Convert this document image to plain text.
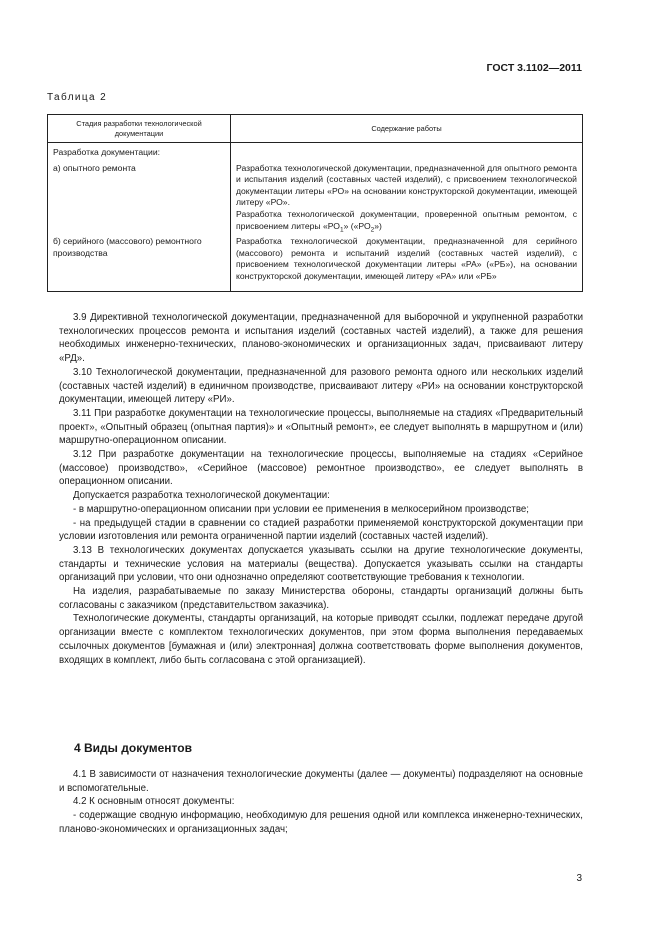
ГОСТ 3.1102—2011
Таблица 2
Стадия разработки технологической документации	Содержание работы
Разработка документации:	
а) опытного ремонта	Разработка технологической документации, предназначенной для опытного ремонта и испытания изделий (составных частей изделий), с присвоением технологической документации литеры «РО» на основании конструкторской документации, имеющей литеру «РО».
Разработка технологической документации, проверенной опытным ремонтом, с присвоением литеры «$РО_1$» $(«РО_2»)$

б) серийного (массового) ремонтного производства	Разработка технологической документации, предназначенной для серийного (массового) ремонта и испытаний изделий (составных частей изделий), с присвоением технологической документации литеры «РА» («РБ»), на основании конструкторской документации, имеющей литеру «РА» или «РБ»

3.9 Директивной технологической документации, предназначенной для выборочной и укрупненной разработки технологических процессов ремонта и испытания изделий (составных частей изделий), а также для решения необходимых инженерно-технических, планово-экономических и организационных задач, присваивают литеру «РД».

3.10 Технологической документации, предназначенной для разового ремонта одного или нескольких изделий (составных частей изделий) в единичном производстве, присваивают литеру «РИ» на основании конструкторской документации, имеющей литеру «РИ».

3.11 При разработке документации на технологические процессы, выполняемые на стадиях «Предварительный проект», «Опытный образец (опытная партия)» и «Опытный ремонт», ее следует выполнять в маршрутном и (или) маршрутно-операционном описании.

3.12 При разработке документации на технологические процессы, выполняемые на стадиях «Серийное (массовое) производство», «Серийное (массовое) ремонтное производство», ее следует выполнять в операционном описании.

Допускается разработка технологической документации:

- в маршрутно-операционном описании при условии ее применения в мелкосерийном производстве;

- на предыдущей стадии в сравнении со стадией разработки применяемой конструкторской документации при условии изготовления или ремонта ограниченной партии изделий (составных частей изделий).

3.13 В технологических документах допускается указывать ссылки на другие технологические документы, стандарты и технические условия на материалы (вещества). Допускается указывать ссылки на стандарты организаций при условии, что они однозначно определяют соответствующие требования к технологии.

На изделия, разрабатываемые по заказу Министерства обороны, стандарты организаций должны быть согласованы с заказчиком (представительством заказчика).

Технологические документы, стандарты организаций, на которые приводят ссылки, подлежат передаче другой организации вместе с комплектом технологических документов, при этом форма выполнения передаваемых ссылочных документов [бумажная и (или) электронная] должна соответствовать форме выполнения документов, входящих в комплект, либо быть согласована с этой организацией).

4 Виды документов

4.1 В зависимости от назначения технологические документы (далее — документы) подразделяют на основные и вспомогательные.

4.2 К основным относят документы:

- содержащие сводную информацию, необходимую для решения одной или комплекса инженерно-технических, планово-экономических и организационных задач;

3
